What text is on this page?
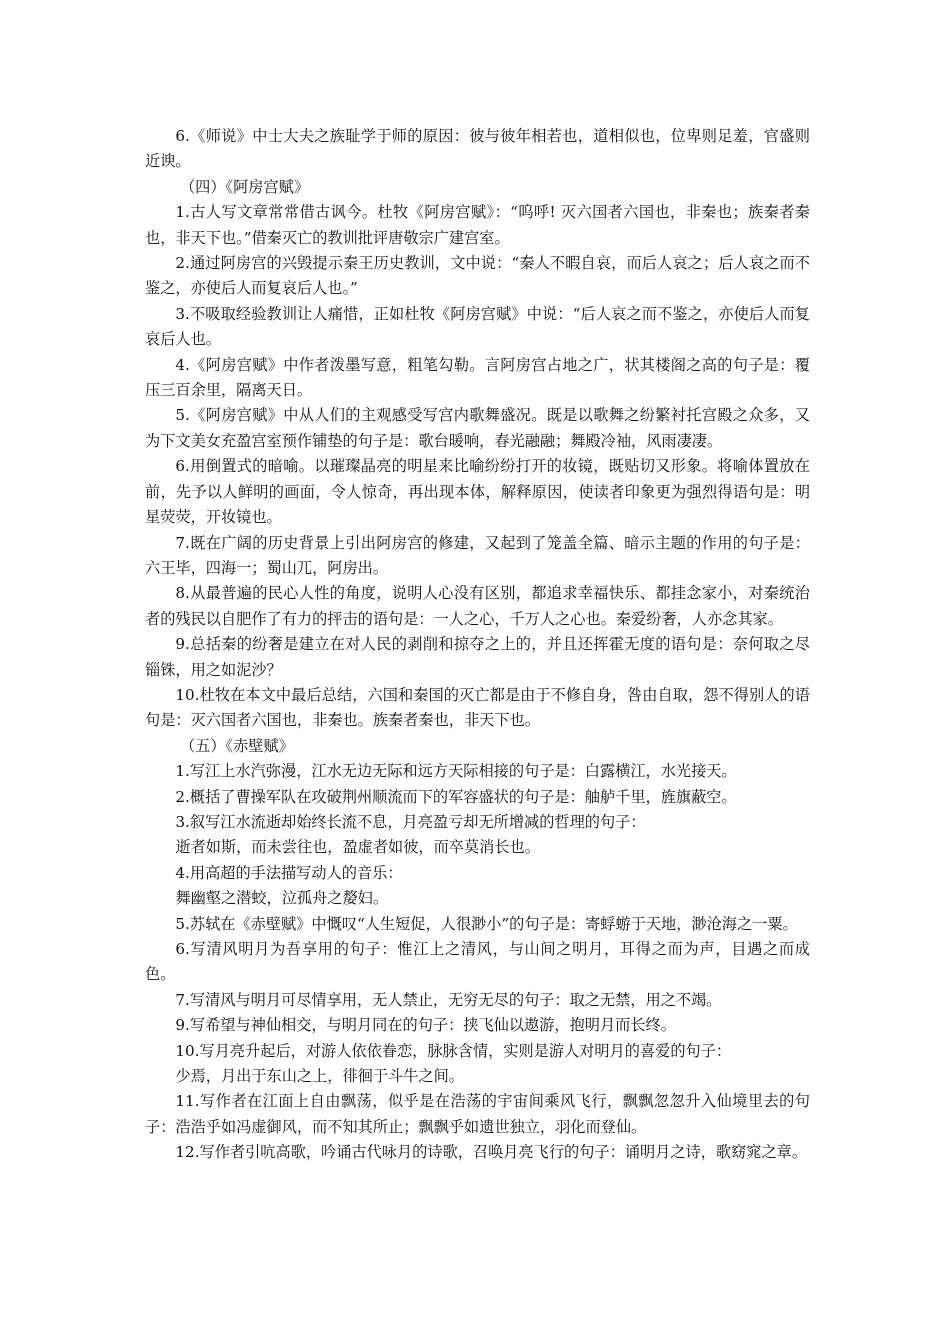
6.《师说》中士大夫之族耻学于师的原因：彼与彼年相若也，道相似也，位卑则足羞，官盛则近谀。

（四）《阿房宫赋》

1.古人写文章常常借古讽今。杜牧《阿房宫赋》：“呜呼! 灭六国者六国也，非秦也；族秦者秦也，非天下也。”借秦灭亡的教训批评唐敬宗广建宫室。

2.通过阿房宫的兴毁提示秦王历史教训，文中说：“秦人不暇自哀，而后人哀之；后人哀之而不鉴之，亦使后人而复哀后人也。”

3.不吸取经验教训让人痛惜，正如杜牧《阿房宫赋》中说：“后人哀之而不鉴之，亦使后人而复哀后人也。

4.《阿房宫赋》中作者泼墨写意，粗笔勾勒。言阿房宫占地之广，状其楼阁之高的句子是：覆压三百余里，隔离天日。

5.《阿房宫赋》中从人们的主观感受写宫内歌舞盛况。既是以歌舞之纷繁衬托宫殿之众多，又为下文美女充盈宫室预作铺垫的句子是：歌台暖响，春光融融；舞殿冷袖，风雨凄凄。

6.用倒置式的暗喻。以璀璨晶亮的明星来比喻纷纷打开的妆镜，既贴切又形象。将喻体置放在前，先予以人鲜明的画面，令人惊奇，再出现本体，解释原因，使读者印象更为强烈得语句是：明星荧荧，开妆镜也。

7.既在广阔的历史背景上引出阿房宫的修建，又起到了笼盖全篇、暗示主题的作用的句子是：六王毕，四海一；蜀山兀，阿房出。

8.从最普遍的民心人性的角度，说明人心没有区别，都追求幸福快乐、都挂念家小，对秦统治者的残民以自肥作了有力的抨击的语句是：一人之心，千万人之心也。秦爱纷奢，人亦念其家。

9.总括秦的纷奢是建立在对人民的剥削和掠夺之上的，并且还挥霍无度的语句是：奈何取之尽锱铢，用之如泥沙？

10.杜牧在本文中最后总结，六国和秦国的灭亡都是由于不修自身，咎由自取，怨不得别人的语句是：灭六国者六国也，非秦也。族秦者秦也，非天下也。

（五）《赤壁赋》

1.写江上水汽弥漫，江水无边无际和远方天际相接的句子是：白露横江，水光接天。

2.概括了曹操军队在攻破荆州顺流而下的军容盛状的句子是：舳舻千里，旌旗蔽空。

3.叙写江水流逝却始终长流不息，月亮盈亏却无所增减的哲理的句子：

逝者如斯，而未尝往也，盈虚者如彼，而卒莫消长也。

4.用高超的手法描写动人的音乐：

舞幽壑之潜蛟，泣孤舟之嫠妇。

5.苏轼在《赤壁赋》中慨叹“人生短促，人很渺小”的句子是：寄蜉蝣于天地，渺沧海之一粟。

6.写清风明月为吾享用的句子：惟江上之清风，与山间之明月，耳得之而为声，目遇之而成色。

7.写清风与明月可尽情享用，无人禁止，无穷无尽的句子：取之无禁，用之不竭。

9.写希望与神仙相交，与明月同在的句子：挟飞仙以遨游，抱明月而长终。

10.写月亮升起后，对游人依依眷恋，脉脉含情，实则是游人对明月的喜爱的句子：

少焉，月出于东山之上，徘徊于斗牛之间。

11.写作者在江面上自由飘荡，似乎是在浩荡的宇宙间乘风飞行，飘飘忽忽升入仙境里去的句子：浩浩乎如冯虚御风，而不知其所止；飘飘乎如遗世独立，羽化而登仙。

12.写作者引吭高歌，吟诵古代咏月的诗歌，召唤月亮飞行的句子：诵明月之诗，歌窈窕之章。
